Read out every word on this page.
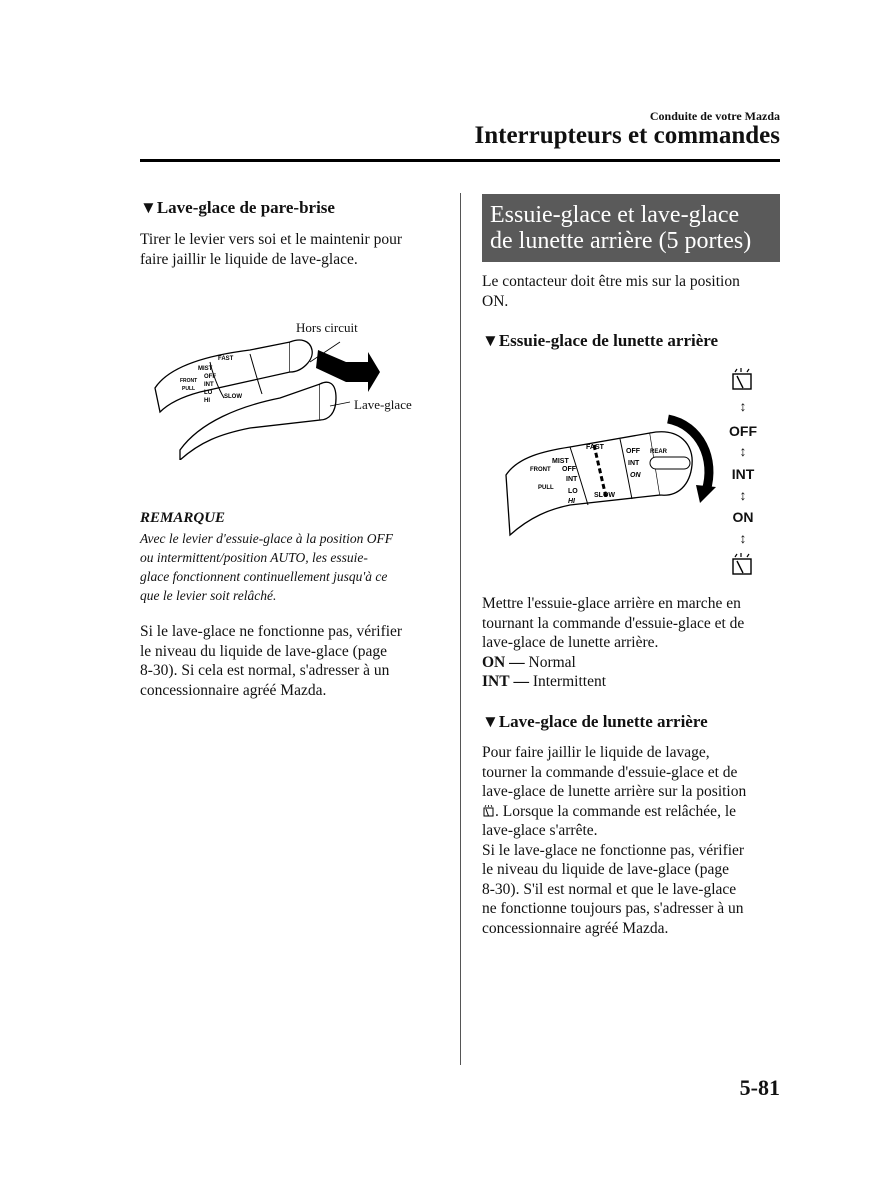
Conduite de votre Mazda
Interrupteurs et commandes
▼Lave-glace de pare-brise
Tirer le levier vers soi et le maintenir pour
faire jaillir le liquide de lave-glace.
MIST
OFF
INT
LO
HI
FAST
SLOW
FRONT
PULL
Hors circuit
Lave-glace
REMARQUE
Avec le levier d'essuie-glace à la position OFF
ou intermittent/position AUTO, les essuie-
glace fonctionnent continuellement jusqu'à ce
que le levier soit relâché.
Si le lave-glace ne fonctionne pas, vérifier
le niveau du liquide de lave-glace (page
8-30). Si cela est normal, s'adresser à un
concessionnaire agréé Mazda.
Essuie-glace et lave-glace
de lunette arrière (5 portes)
Le contacteur doit être mis sur la position
ON.
▼Essuie-glace de lunette arrière
MIST
OFF
INT
LO
HI
FAST
SLOW
FRONT
PULL
REAR
OFF
INT
ON
↕
OFF
↕
INT
↕
ON
↕
Mettre l'essuie-glace arrière en marche en
tournant la commande d'essuie-glace et de
lave-glace de lunette arrière.
ON — Normal
INT — Intermittent
▼Lave-glace de lunette arrière
Pour faire jaillir le liquide de lavage,
tourner la commande d'essuie-glace et de
lave-glace de lunette arrière sur la position
. Lorsque la commande est relâchée, le
lave-glace s'arrête.
Si le lave-glace ne fonctionne pas, vérifier
le niveau du liquide de lave-glace (page
8-30). S'il est normal et que le lave-glace
ne fonctionne toujours pas, s'adresser à un
concessionnaire agréé Mazda.
5-81
